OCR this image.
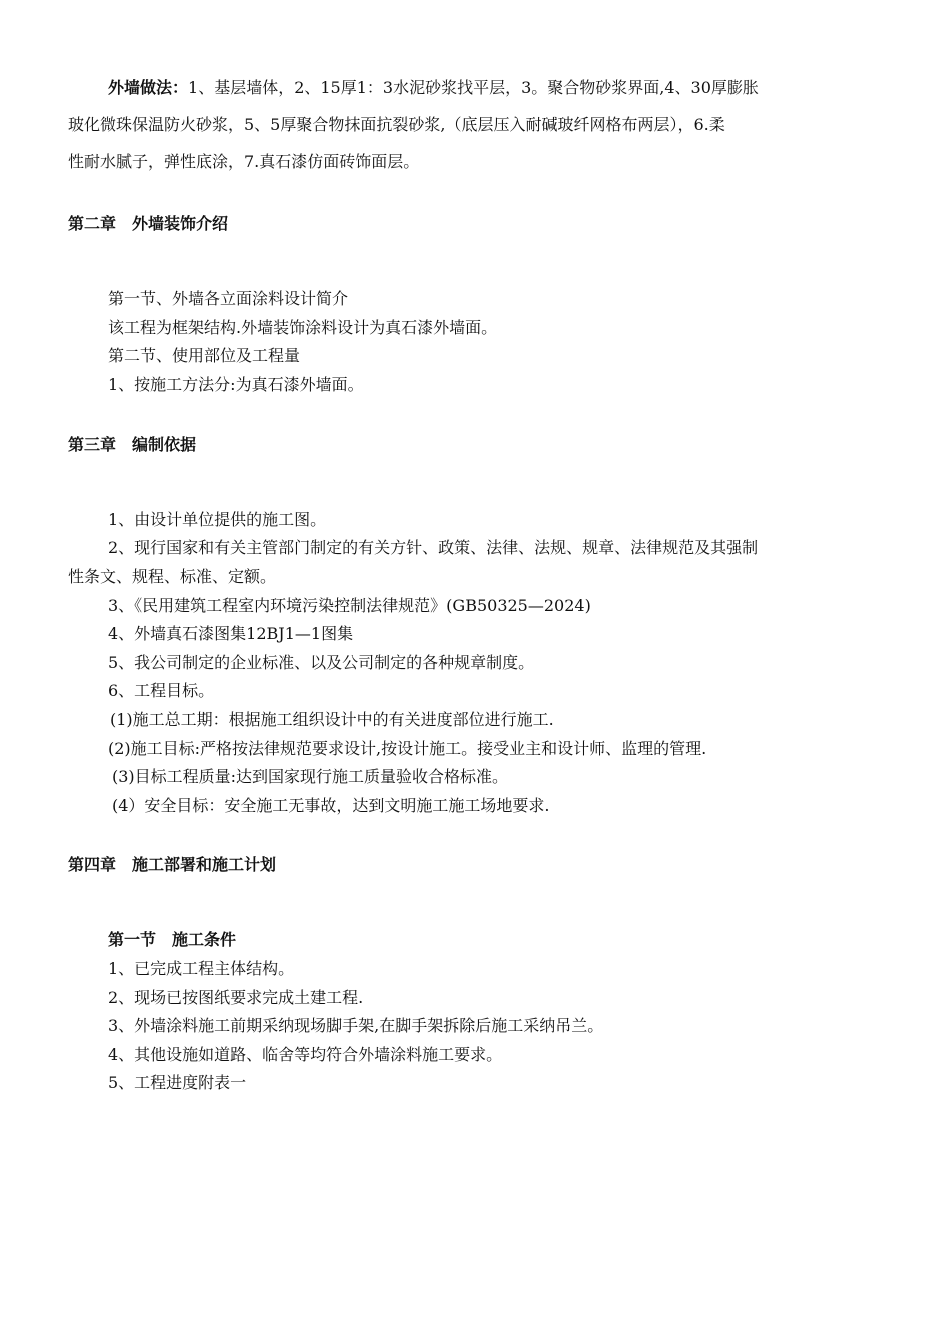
外墙做法：1、基层墙体，2、15厚1：3水泥砂浆找平层，3。聚合物砂浆界面,4、30厚膨胀
玻化微珠保温防火砂浆，5、5厚聚合物抹面抗裂砂浆,（底层压入耐碱玻纤网格布两层），6.柔
性耐水腻子，弹性底涂，7.真石漆仿面砖饰面层。
第二章　外墙装饰介绍
第一节、外墙各立面涂料设计简介
该工程为框架结构.外墙装饰涂料设计为真石漆外墙面。
第二节、使用部位及工程量
1、按施工方法分:为真石漆外墙面。
第三章　编制依据
1、由设计单位提供的施工图。
2、现行国家和有关主管部门制定的有关方针、政策、法律、法规、规章、法律规范及其强制
性条文、规程、标准、定额。
3、《民用建筑工程室内环境污染控制法律规范》(GB50325—2024)
4、外墙真石漆图集12BJ1—1图集
5、我公司制定的企业标准、以及公司制定的各种规章制度。
6、工程目标。
(1)施工总工期：根据施工组织设计中的有关进度部位进行施工.
(2)施工目标:严格按法律规范要求设计,按设计施工。接受业主和设计师、监理的管理.
(3)目标工程质量:达到国家现行施工质量验收合格标准。
(4）安全目标：安全施工无事故，达到文明施工施工场地要求.
第四章　施工部署和施工计划
第一节　施工条件
1、已完成工程主体结构。
2、现场已按图纸要求完成土建工程.
3、外墙涂料施工前期采纳现场脚手架,在脚手架拆除后施工采纳吊兰。
4、其他设施如道路、临舍等均符合外墙涂料施工要求。
5、工程进度附表一
